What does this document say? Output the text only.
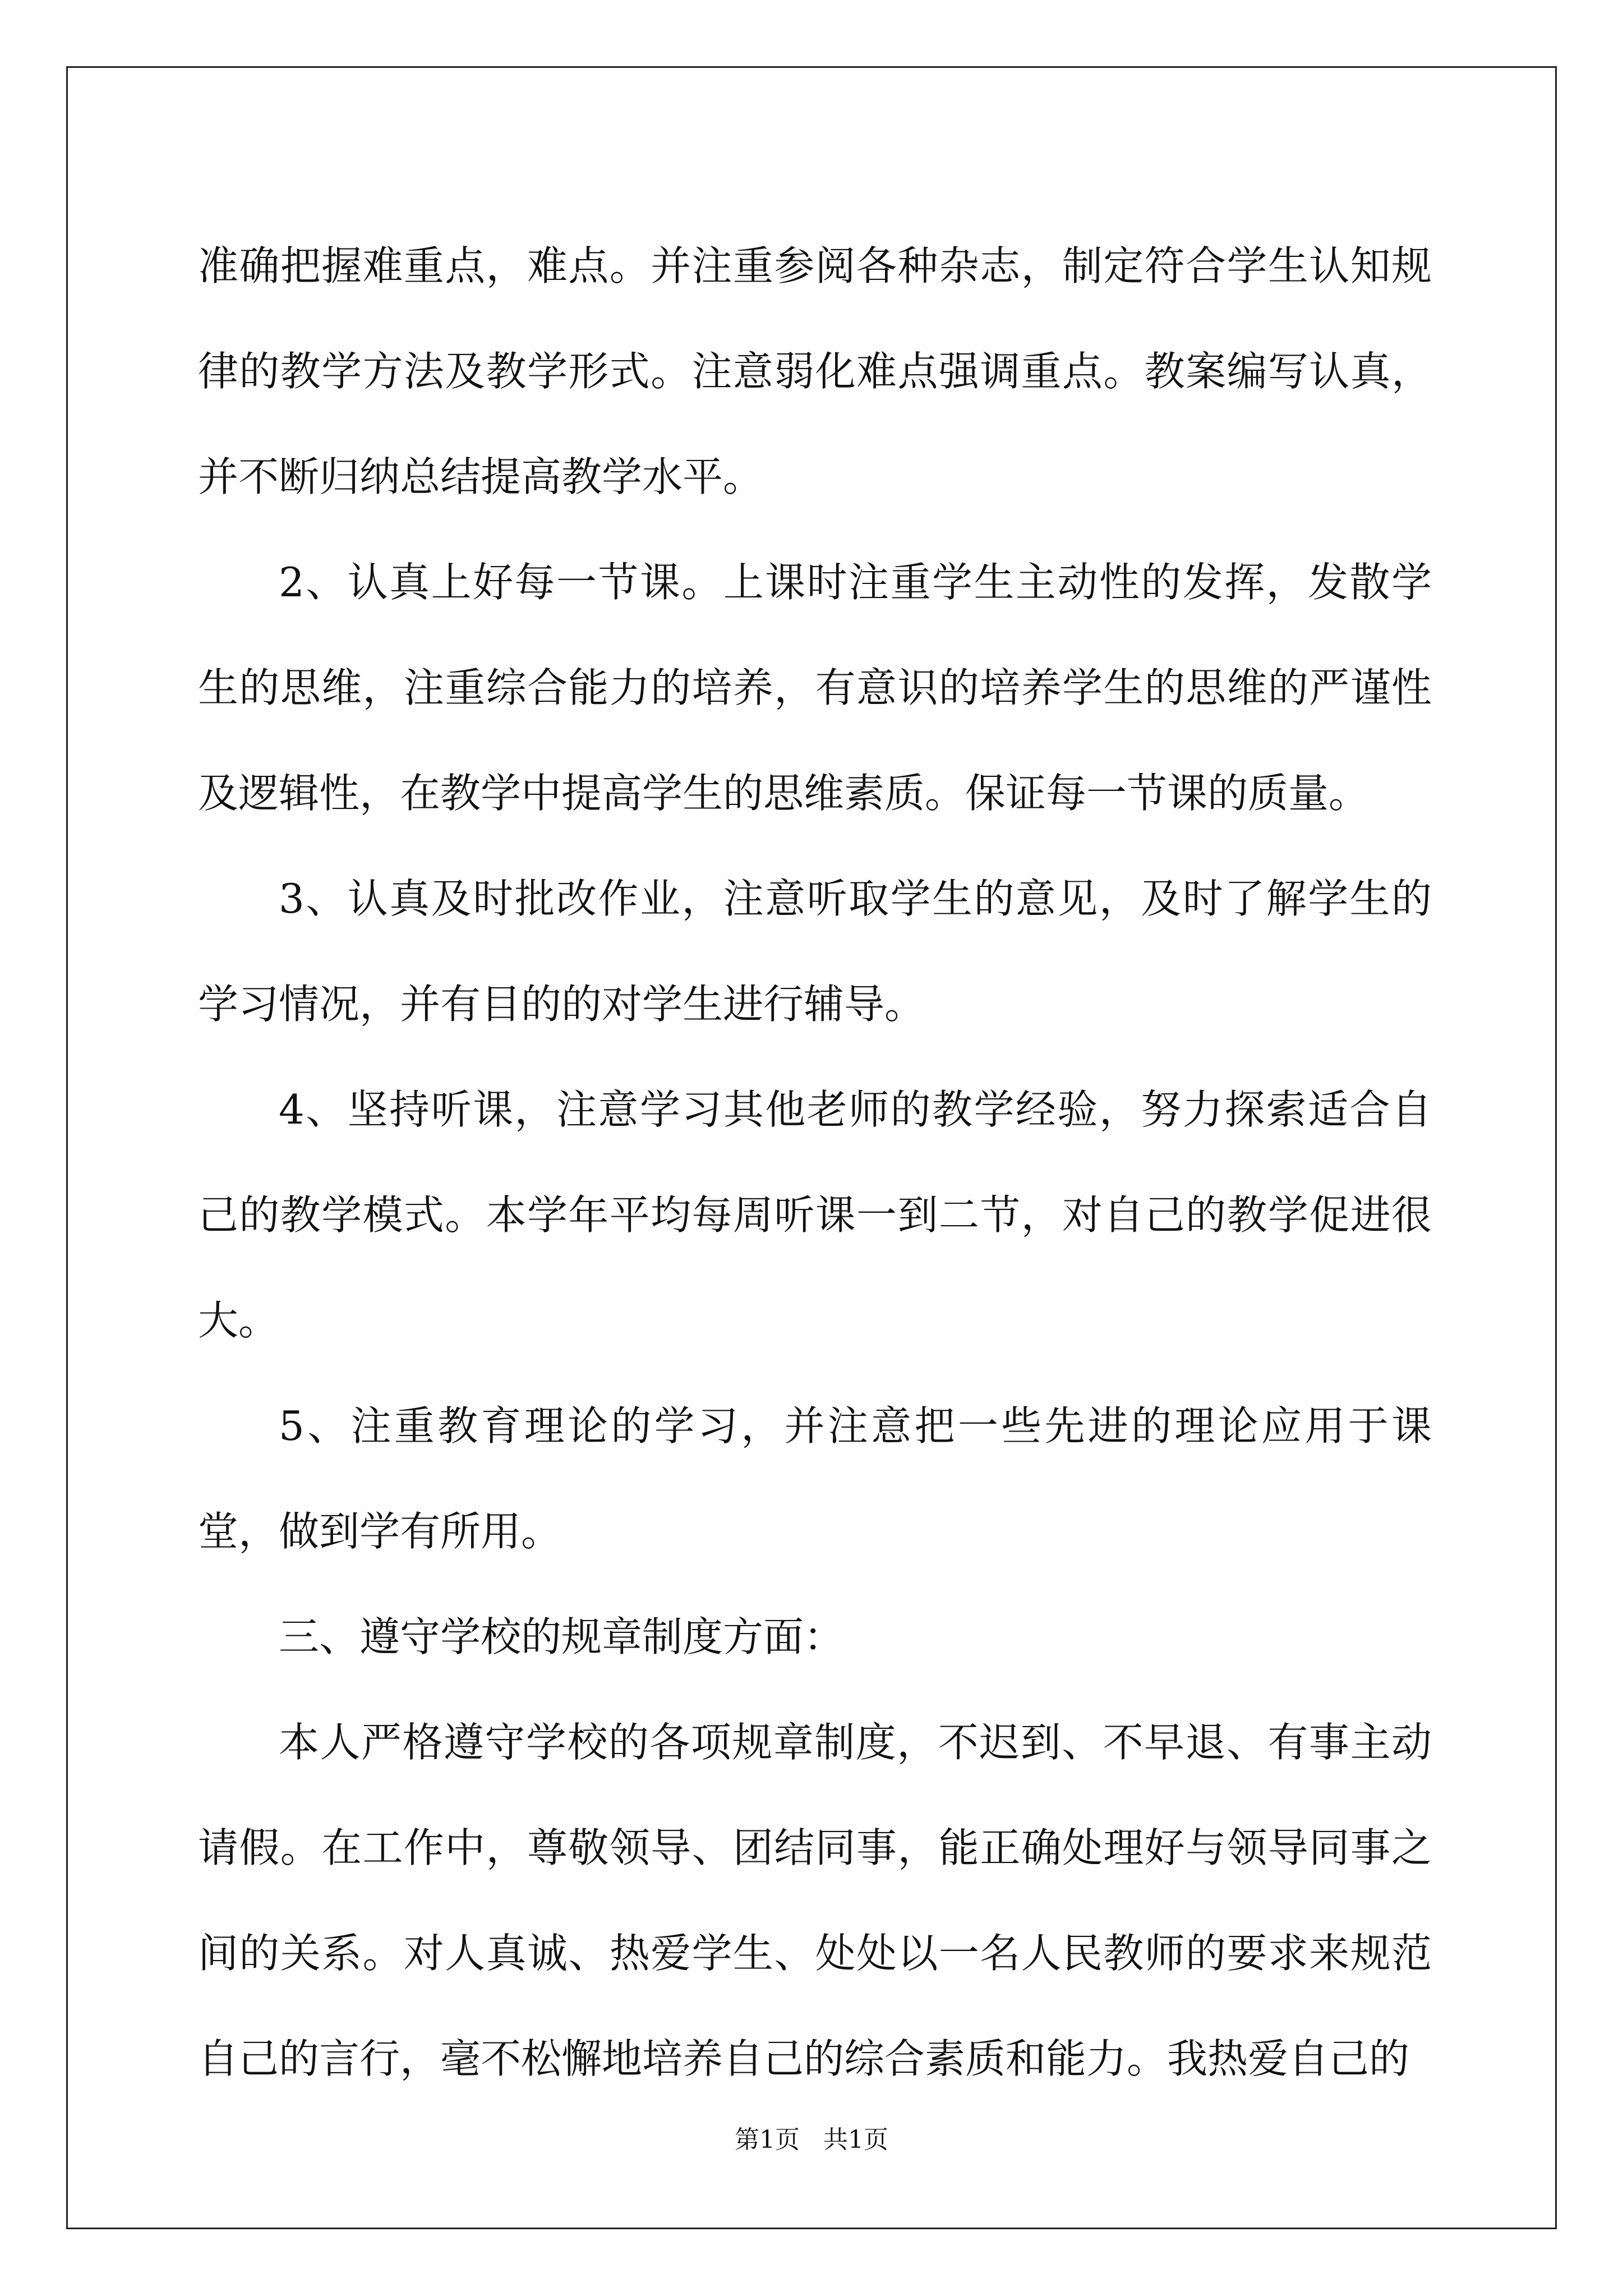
准确把握难重点，难点。并注重参阅各种杂志，制定符合学生认知规律的教学方法及教学形式。注意弱化难点强调重点。教案编写认真，并不断归纳总结提高教学水平。

2、认真上好每一节课。上课时注重学生主动性的发挥，发散学生的思维，注重综合能力的培养，有意识的培养学生的思维的严谨性及逻辑性，在教学中提高学生的思维素质。保证每一节课的质量。

3、认真及时批改作业，注意听取学生的意见，及时了解学生的学习情况，并有目的的对学生进行辅导。

4、坚持听课，注意学习其他老师的教学经验，努力探索适合自己的教学模式。本学年平均每周听课一到二节，对自己的教学促进很大。

5、注重教育理论的学习，并注意把一些先进的理论应用于课堂，做到学有所用。

三、遵守学校的规章制度方面：

本人严格遵守学校的各项规章制度，不迟到、不早退、有事主动请假。在工作中，尊敬领导、团结同事，能正确处理好与领导同事之间的关系。对人真诚、热爱学生、处处以一名人民教师的要求来规范自己的言行，毫不松懈地培养自己的综合素质和能力。我热爱自己的

第1页 共1页
